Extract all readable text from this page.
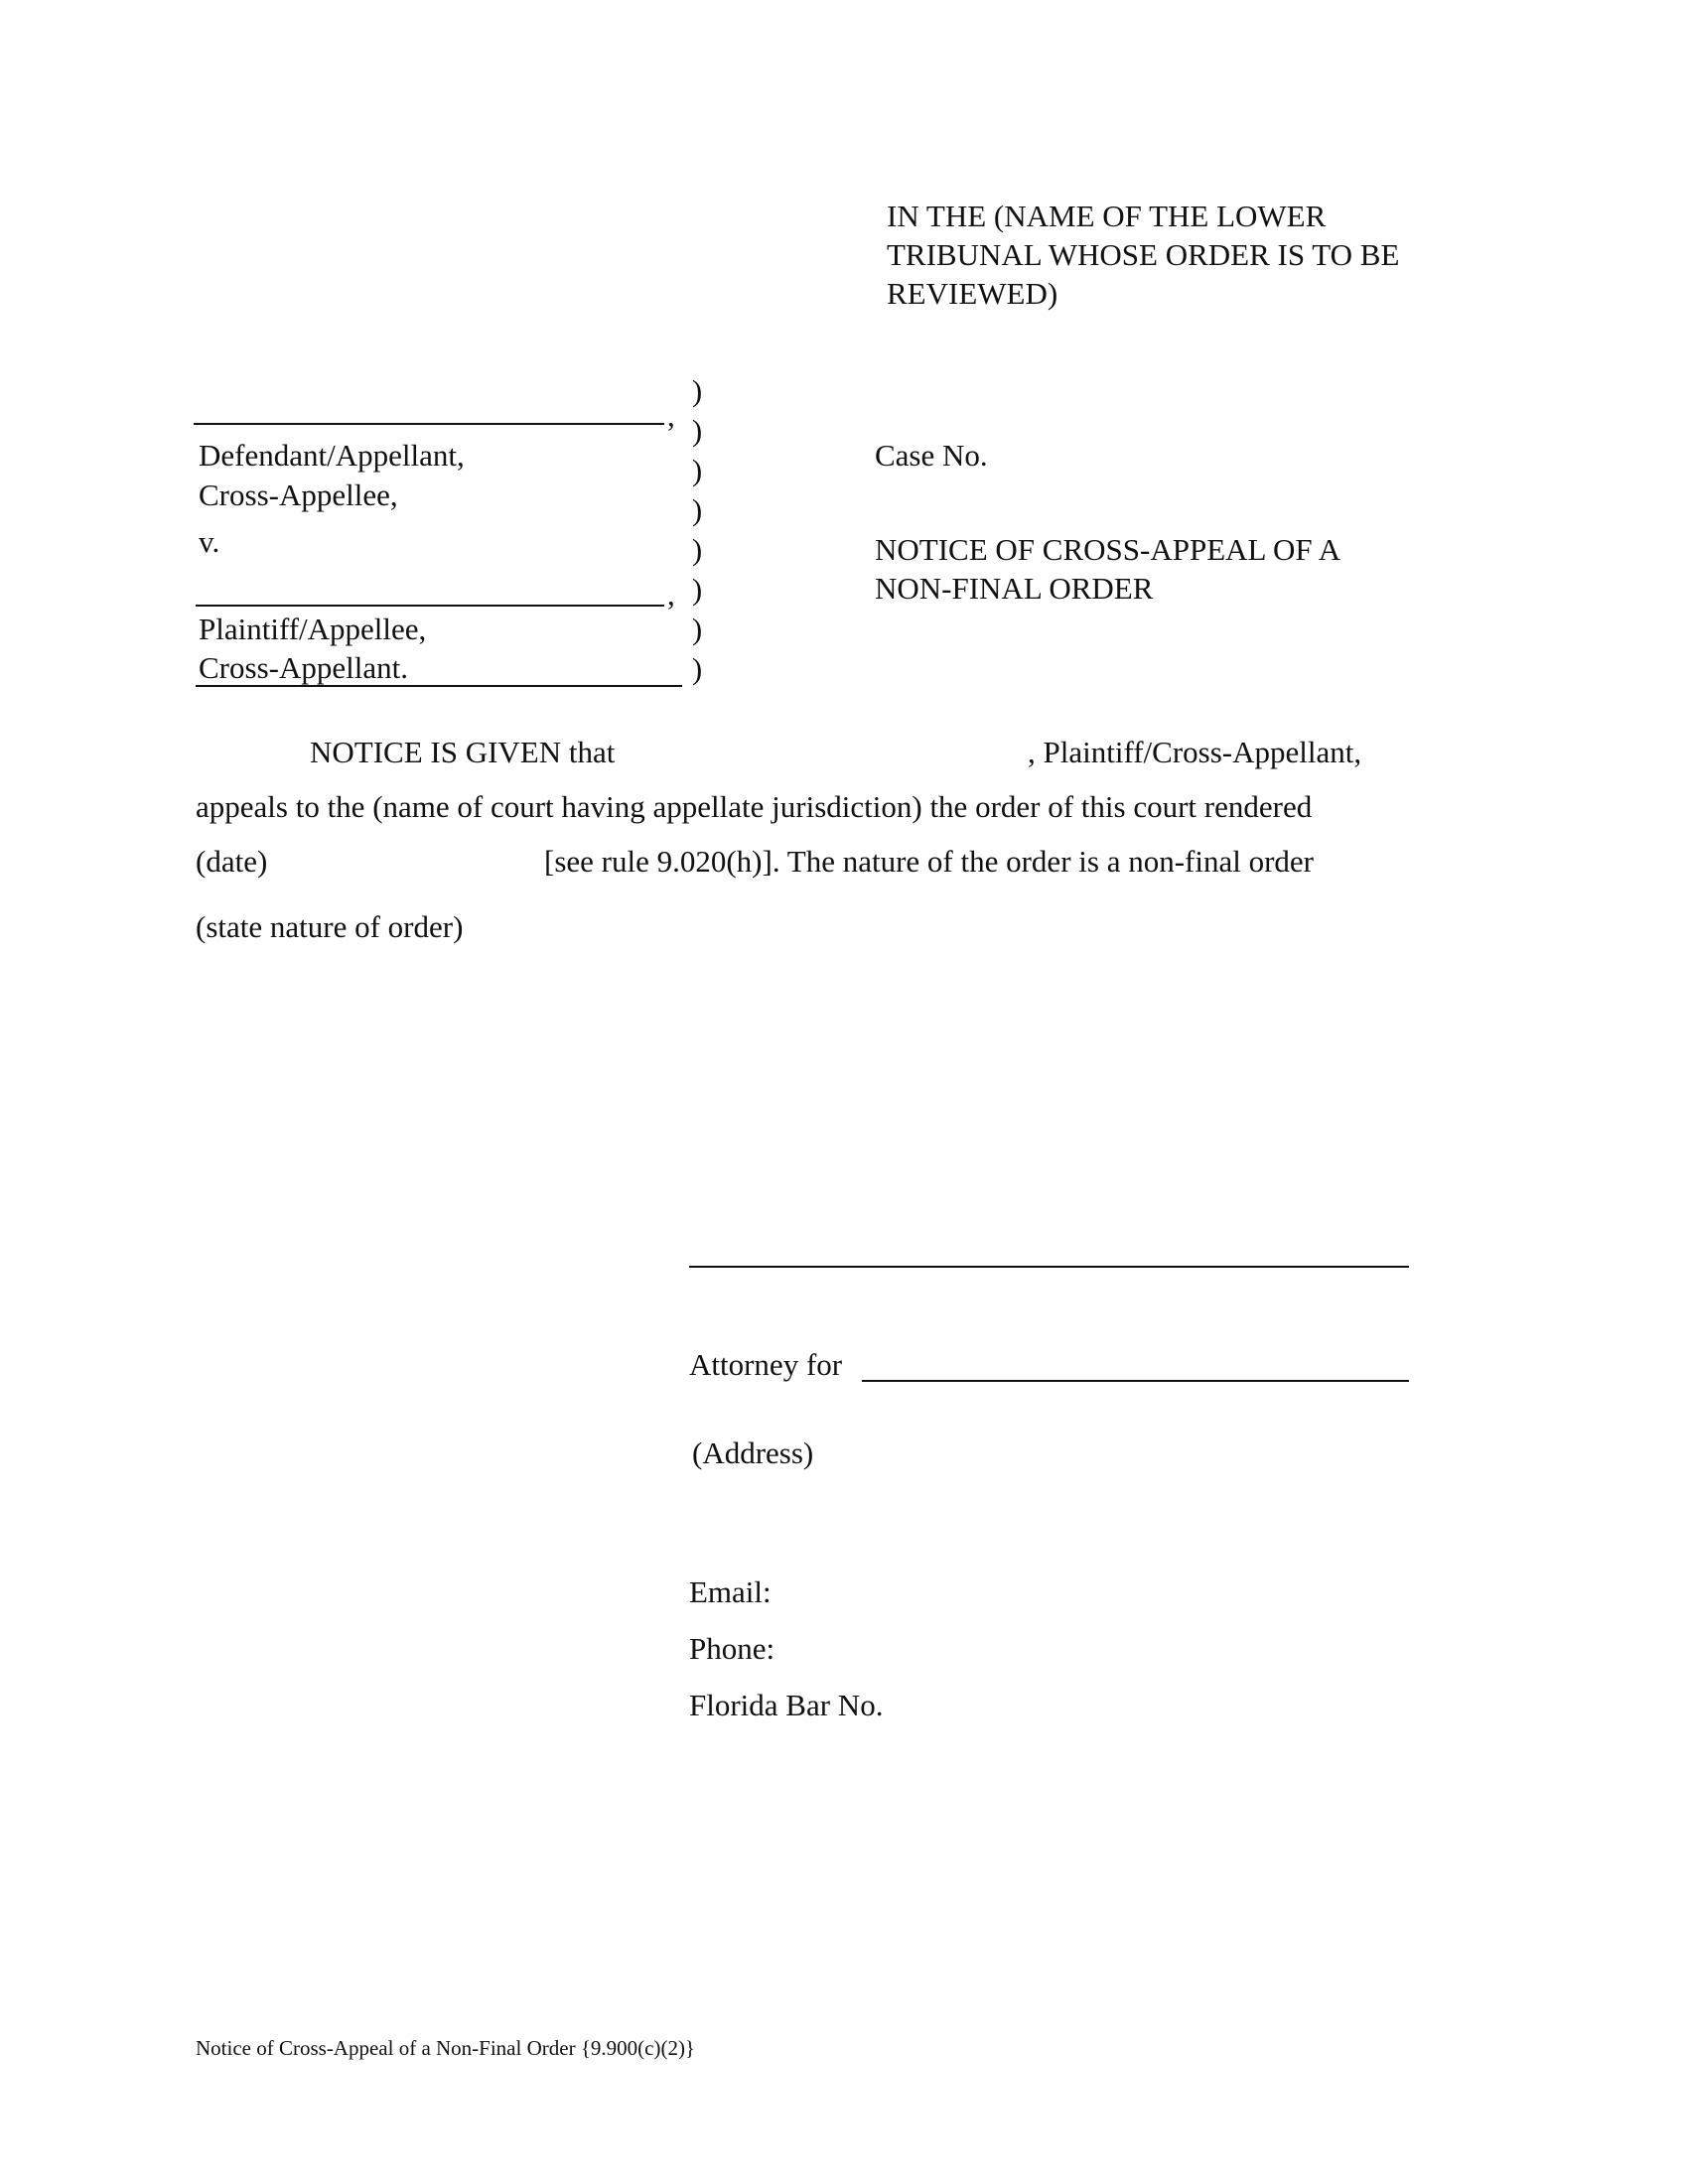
IN THE (NAME OF THE LOWER
TRIBUNAL WHOSE ORDER IS TO BE
REVIEWED)
,
Defendant/Appellant,
Cross-Appellee,
v.
,
Plaintiff/Appellee,
Cross-Appellant.
)
)
)
)
)
)
)
)
Case No.
NOTICE OF CROSS-APPEAL OF A
NON-FINAL ORDER
NOTICE IS GIVEN that	, Plaintiff/Cross-Appellant,
appeals to the (name of court having appellate jurisdiction) the order of this court rendered
(date)	[see rule 9.020(h)]. The nature of the order is a non-final order
(state nature of order)
Attorney for
(Address)
Email:
Phone:
Florida Bar No.
Notice of Cross-Appeal of a Non-Final Order {9.900(c)(2)}
